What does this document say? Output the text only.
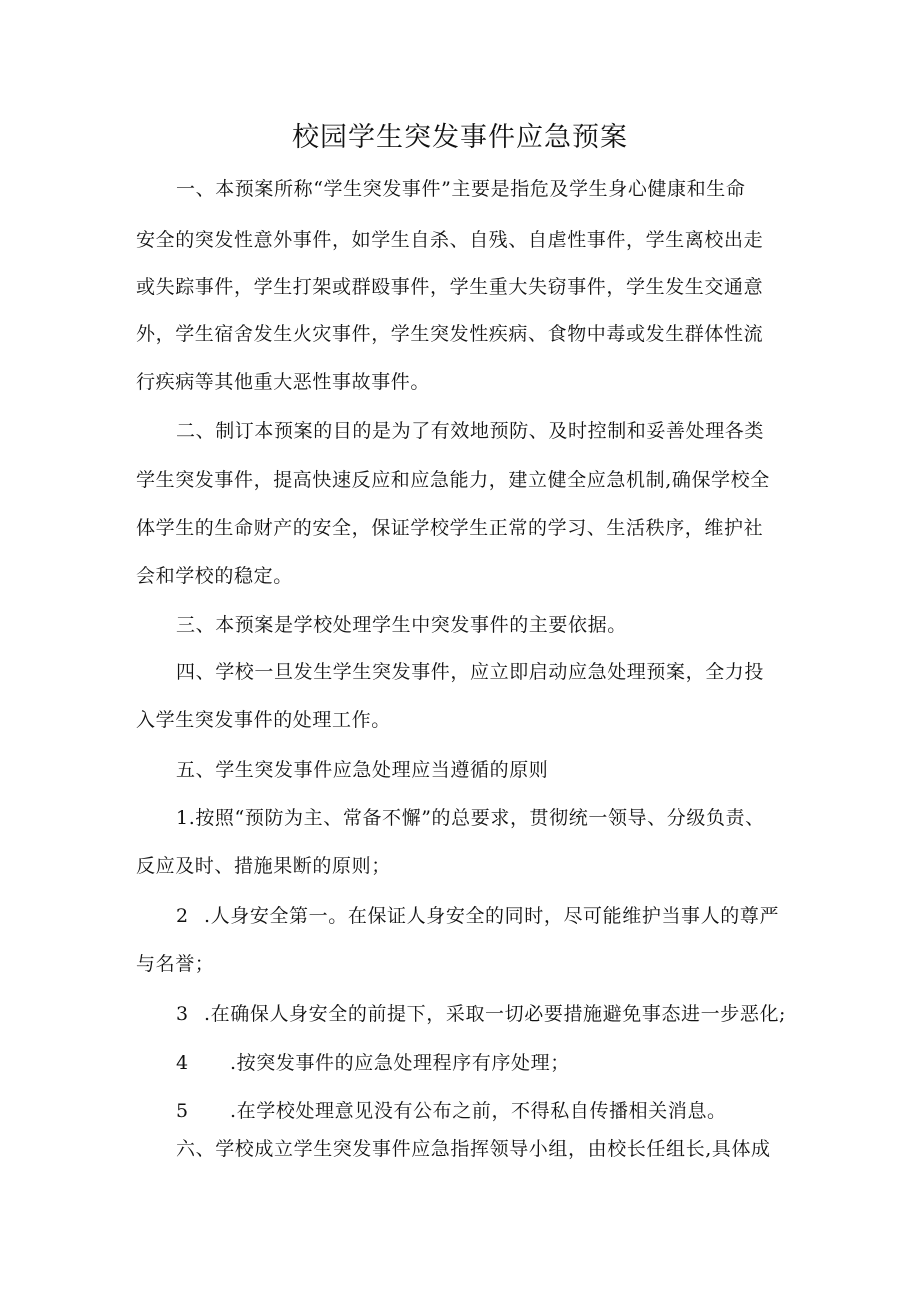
校园学生突发事件应急预案
一、本预案所称“学生突发事件”主要是指危及学生身心健康和生命
安全的突发性意外事件，如学生自杀、自残、自虐性事件，学生离校出走
或失踪事件，学生打架或群殴事件，学生重大失窃事件，学生发生交通意
外，学生宿舍发生火灾事件，学生突发性疾病、食物中毒或发生群体性流
行疾病等其他重大恶性事故事件。
二、制订本预案的目的是为了有效地预防、及时控制和妥善处理各类
学生突发事件，提高快速反应和应急能力，建立健全应急机制,确保学校全
体学生的生命财产的安全，保证学校学生正常的学习、生活秩序，维护社
会和学校的稳定。
三、本预案是学校处理学生中突发事件的主要依据。
四、学校一旦发生学生突发事件，应立即启动应急处理预案，全力投
入学生突发事件的处理工作。
五、学生突发事件应急处理应当遵循的原则
1.按照“预防为主、常备不懈”的总要求，贯彻统一领导、分级负责、
反应及时、措施果断的原则；
2 .人身安全第一。在保证人身安全的同时，尽可能维护当事人的尊严
与名誉；
3 .在确保人身安全的前提下，采取一切必要措施避免事态进一步恶化;
4 .按突发事件的应急处理程序有序处理；
5 .在学校处理意见没有公布之前，不得私自传播相关消息。
六、学校成立学生突发事件应急指挥领导小组，由校长任组长,具体成
